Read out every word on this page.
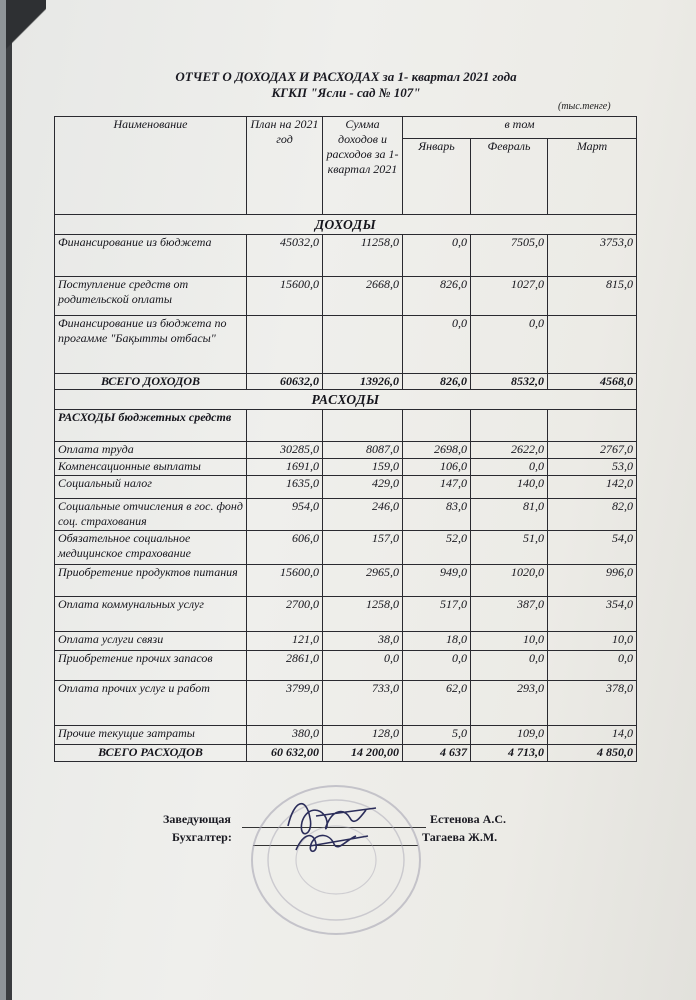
ОТЧЕТ О ДОХОДАХ И РАСХОДАХ за 1- квартал 2021 года
КГКП "Ясли - сад № 107"
(тыс.тенге)
Наименование	План на 2021 год	Сумма доходов и расходов за 1- квартал 2021	в том		
			Январь	Февраль	Март
ДОХОДЫ					
Финансирование из бюджета	45032,0	11258,0	0,0	7505,0	3753,0
Поступление средств от родительской оплаты	15600,0	2668,0	826,0	1027,0	815,0
Финансирование из бюджета по прогамме "Бақытты отбасы"			0,0	0,0	
ВСЕГО ДОХОДОВ	60632,0	13926,0	826,0	8532,0	4568,0
РАСХОДЫ					
РАСХОДЫ бюджетных средств					
Оплата труда	30285,0	8087,0	2698,0	2622,0	2767,0
Компенсационные выплаты	1691,0	159,0	106,0	0,0	53,0
Социальный налог	1635,0	429,0	147,0	140,0	142,0
Социальные отчисления в гос. фонд соц. страхования	954,0	246,0	83,0	81,0	82,0
Обязательное социальное медицинское страхование	606,0	157,0	52,0	51,0	54,0
Приобретение продуктов питания	15600,0	2965,0	949,0	1020,0	996,0
Оплата коммунальных услуг	2700,0	1258,0	517,0	387,0	354,0
Оплата услуги связи	121,0	38,0	18,0	10,0	10,0
Приобретение прочих запасов	2861,0	0,0	0,0	0,0	0,0
Оплата прочих услуг и работ	3799,0	733,0	62,0	293,0	378,0
Прочие текущие затраты	380,0	128,0	5,0	109,0	14,0
ВСЕГО РАСХОДОВ	60 632,00	14 200,00	4 637	4 713,0	4 850,0
Заведующая	Естенова А.С.
Бухгалтер:	Тагаева Ж.М.
